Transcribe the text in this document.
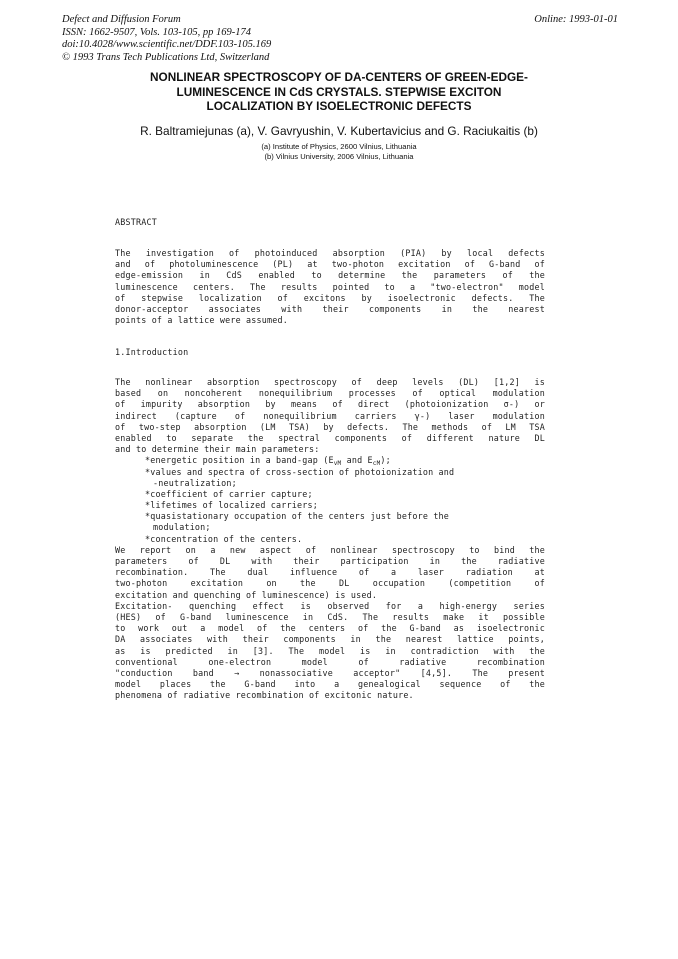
Defect and Diffusion Forum
ISSN: 1662-9507, Vols. 103-105, pp 169-174
doi:10.4028/www.scientific.net/DDF.103-105.169
© 1993 Trans Tech Publications Ltd, Switzerland
Online: 1993-01-01
NONLINEAR SPECTROSCOPY OF DA-CENTERS OF GREEN-EDGE-
LUMINESCENCE IN CdS CRYSTALS. STEPWISE EXCITON
LOCALIZATION BY ISOELECTRONIC DEFECTS
R. Baltramiejunas (a), V. Gavryushin, V. Kubertavicius and G. Raciukaitis (b)
(a) Institute of Physics, 2600 Vilnius, Lithuania
(b) Vilnius University, 2006 Vilnius, Lithuania
ABSTRACT
The investigation of photoinduced absorption (PIA) by local defects
and of photoluminescence (PL) at two-photon excitation of G-band of
edge-emission in CdS enabled to determine the parameters of the
luminescence centers. The results pointed to a "two-electron" model
of stepwise localization of excitons by isoelectronic defects. The
donor-acceptor associates with their components in the nearest
points of a lattice were assumed.
1.Introduction
The nonlinear absorption spectroscopy of deep levels (DL) [1,2] is
based on noncoherent nonequilibrium processes of optical modulation
of impurity absorption by means of direct (photoionization σ-) or
indirect (capture of nonequilibrium carriers γ-) laser modulation
of two-step absorption (LM TSA) by defects. The methods of LM TSA
enabled to separate the spectral components of different nature DL
and to determine their main parameters:
*energetic position in a band-gap ($E_{vM}$ and $E_{cM}$);
*values and spectra of cross-section of photoionization and
-neutralization;
*coefficient of carrier capture;
*lifetimes of localized carriers;
*quasistationary occupation of the centers just before the
modulation;
*concentration of the centers.
We report on a new aspect of nonlinear spectroscopy to bind the
parameters of DL with their participation in the radiative
recombination. The dual influence of a laser radiation at
two-photon excitation on the DL occupation (competition of
excitation and quenching of luminescence) is used.
Excitation- quenching effect is observed for a high-energy series
(HES) of G-band luminescence in CdS. The results make it possible
to work out a model of the centers of the G-band as isoelectronic
DA associates with their components in the nearest lattice points,
as is predicted in [3]. The model is in contradiction with the
conventional one-electron model of radiative recombination
"conduction band → nonassociative acceptor" [4,5]. The present
model places the G-band into a genealogical sequence of the
phenomena of radiative recombination of excitonic nature.
